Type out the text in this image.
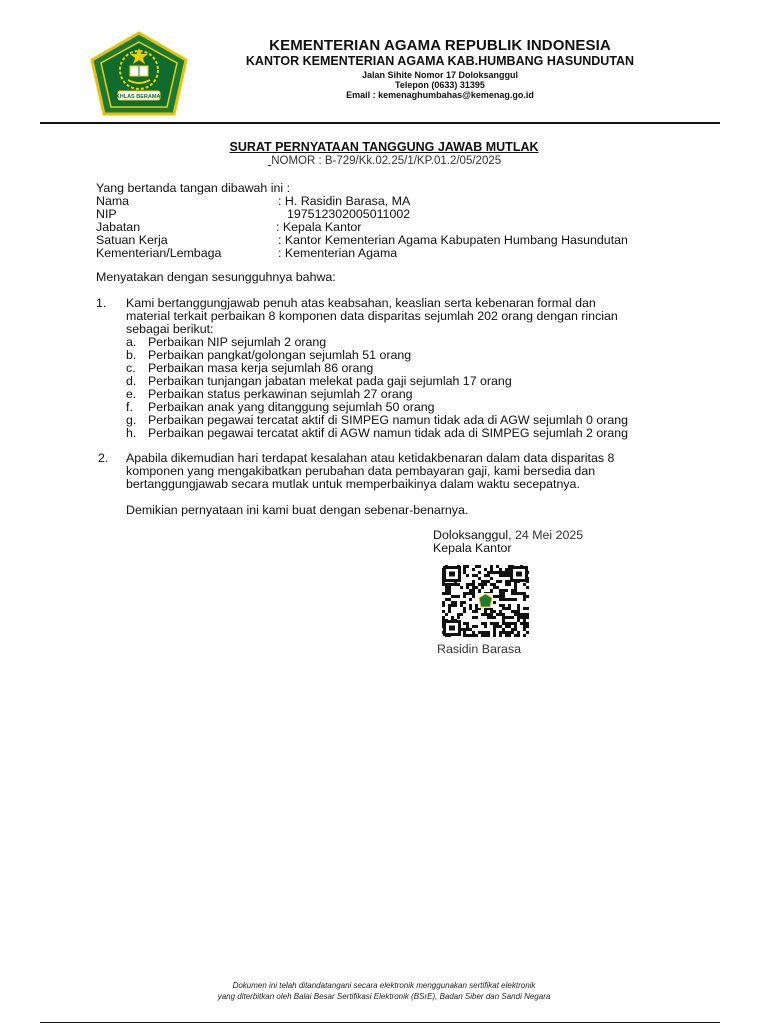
IKHLAS BERAMAL
KEMENTERIAN AGAMA REPUBLIK INDONESIA
KANTOR KEMENTERIAN AGAMA KAB.HUMBANG HASUNDUTAN
Jalan Sihite Nomor 17 Doloksanggul
Telepon (0633) 31395
Email : kemenaghumbahas@kemenag.go.id
SURAT PERNYATAAN TANGGUNG JAWAB MUTLAK
NOMOR : B-729/Kk.02.25/1/KP.01.2/05/2025
Yang bertanda tangan dibawah ini :
Nama	: H. Rasidin Barasa, MA
NIP	197512302005011002
Jabatan	: Kepala Kantor
Satuan Kerja	: Kantor Kementerian Agama Kabupaten Humbang Hasundutan
Kementerian/Lembaga	: Kementerian Agama
Menyatakan dengan sesungguhnya bahwa:
1. Kami bertanggungjawab penuh atas keabsahan, keaslian serta kebenaran formal dan
material terkait perbaikan 8 komponen data disparitas sejumlah 202 orang dengan rincian
sebagai berikut:
a. Perbaikan NIP sejumlah 2 orang
b. Perbaikan pangkat/golongan sejumlah 51 orang
c. Perbaikan masa kerja sejumlah 86 orang
d. Perbaikan tunjangan jabatan melekat pada gaji sejumlah 17 orang
e. Perbaikan status perkawinan sejumlah 27 orang
f. Perbaikan anak yang ditanggung sejumlah 50 orang
g. Perbaikan pegawai tercatat aktif di SIMPEG namun tidak ada di AGW sejumlah 0 orang
h. Perbaikan pegawai tercatat aktif di AGW namun tidak ada di SIMPEG sejumlah 2 orang
2. Apabila dikemudian hari terdapat kesalahan atau ketidakbenaran dalam data disparitas 8
komponen yang mengakibatkan perubahan data pembayaran gaji, kami bersedia dan
bertanggungjawab secara mutlak untuk memperbaikinya dalam waktu secepatnya.
Demikian pernyataan ini kami buat dengan sebenar-benarnya.
Doloksanggul, 24 Mei 2025
Kepala Kantor
Rasidin Barasa
Dokumen ini telah ditandatangani secara elektronik menggunakan sertifikat elektronik
yang diterbitkan oleh Balai Besar Sertifikasi Elektronik (BSrE), Badan Siber dan Sandi Negara
